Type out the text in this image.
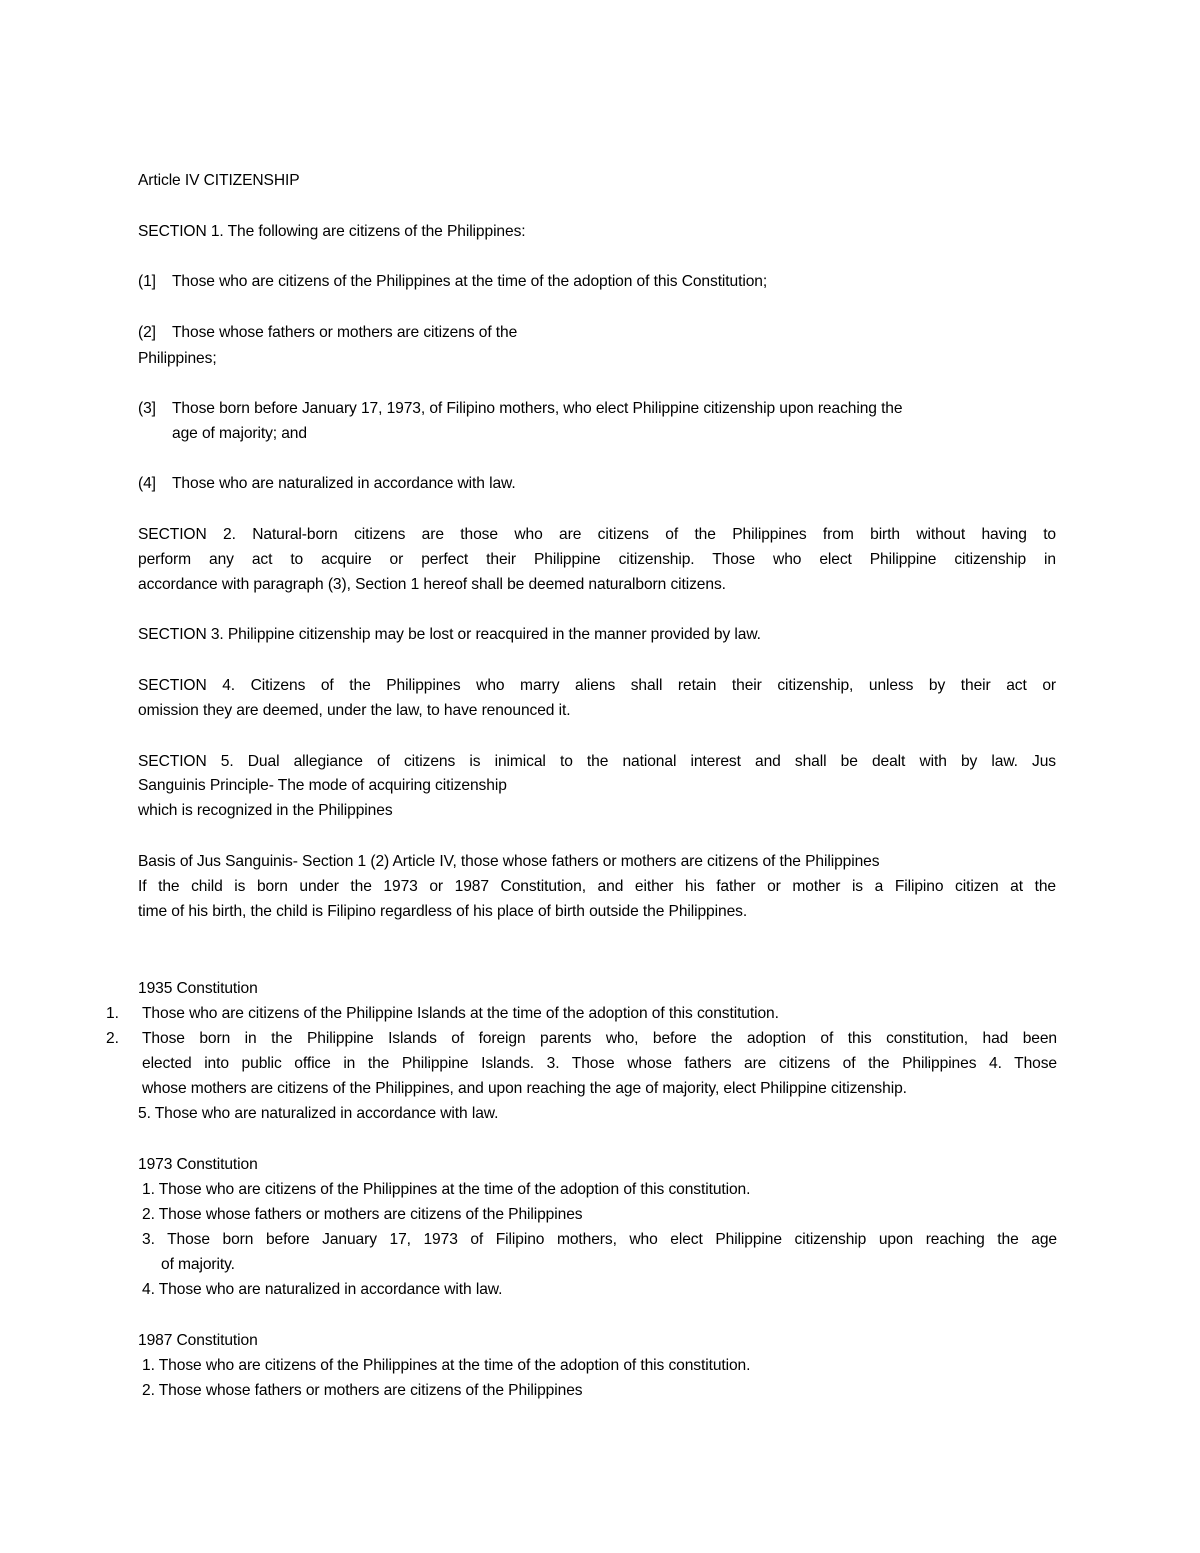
Article IV CITIZENSHIP
SECTION 1. The following are citizens of the Philippines:
(1] Those who are citizens of the Philippines at the time of the adoption of this Constitution;
(2] Those whose fathers or mothers are citizens of the
Philippines;
(3] Those born before January 17, 1973, of Filipino mothers, who elect Philippine citizenship upon reaching the
age of majority; and
(4] Those who are naturalized in accordance with law.
SECTION 2. Natural-born citizens are those who are citizens of the Philippines from birth without having to
perform any act to acquire or perfect their Philippine citizenship. Those who elect Philippine citizenship in
accordance with paragraph (3), Section 1 hereof shall be deemed naturalborn citizens.
SECTION 3. Philippine citizenship may be lost or reacquired in the manner provided by law.
SECTION 4. Citizens of the Philippines who marry aliens shall retain their citizenship, unless by their act or
omission they are deemed, under the law, to have renounced it.
SECTION 5. Dual allegiance of citizens is inimical to the national interest and shall be dealt with by law. Jus
Sanguinis Principle- The mode of acquiring citizenship
which is recognized in the Philippines
Basis of Jus Sanguinis- Section 1 (2) Article IV, those whose fathers or mothers are citizens of the Philippines
If the child is born under the 1973 or 1987 Constitution, and either his father or mother is a Filipino citizen at the
time of his birth, the child is Filipino regardless of his place of birth outside the Philippines.
1935 Constitution
1. Those who are citizens of the Philippine Islands at the time of the adoption of this constitution.
2.	Those born in the Philippine Islands of foreign parents who, before the adoption of this constitution, had been
elected into public office in the Philippine Islands. 3. Those whose fathers are citizens of the Philippines 4. Those
whose mothers are citizens of the Philippines, and upon reaching the age of majority, elect Philippine citizenship.
5. Those who are naturalized in accordance with law.
1973 Constitution
1. Those who are citizens of the Philippines at the time of the adoption of this constitution.
2. Those whose fathers or mothers are citizens of the Philippines
3. Those born before January 17, 1973 of Filipino mothers, who elect Philippine citizenship upon reaching the age
of majority.
4. Those who are naturalized in accordance with law.
1987 Constitution
1. Those who are citizens of the Philippines at the time of the adoption of this constitution.
2. Those whose fathers or mothers are citizens of the Philippines
